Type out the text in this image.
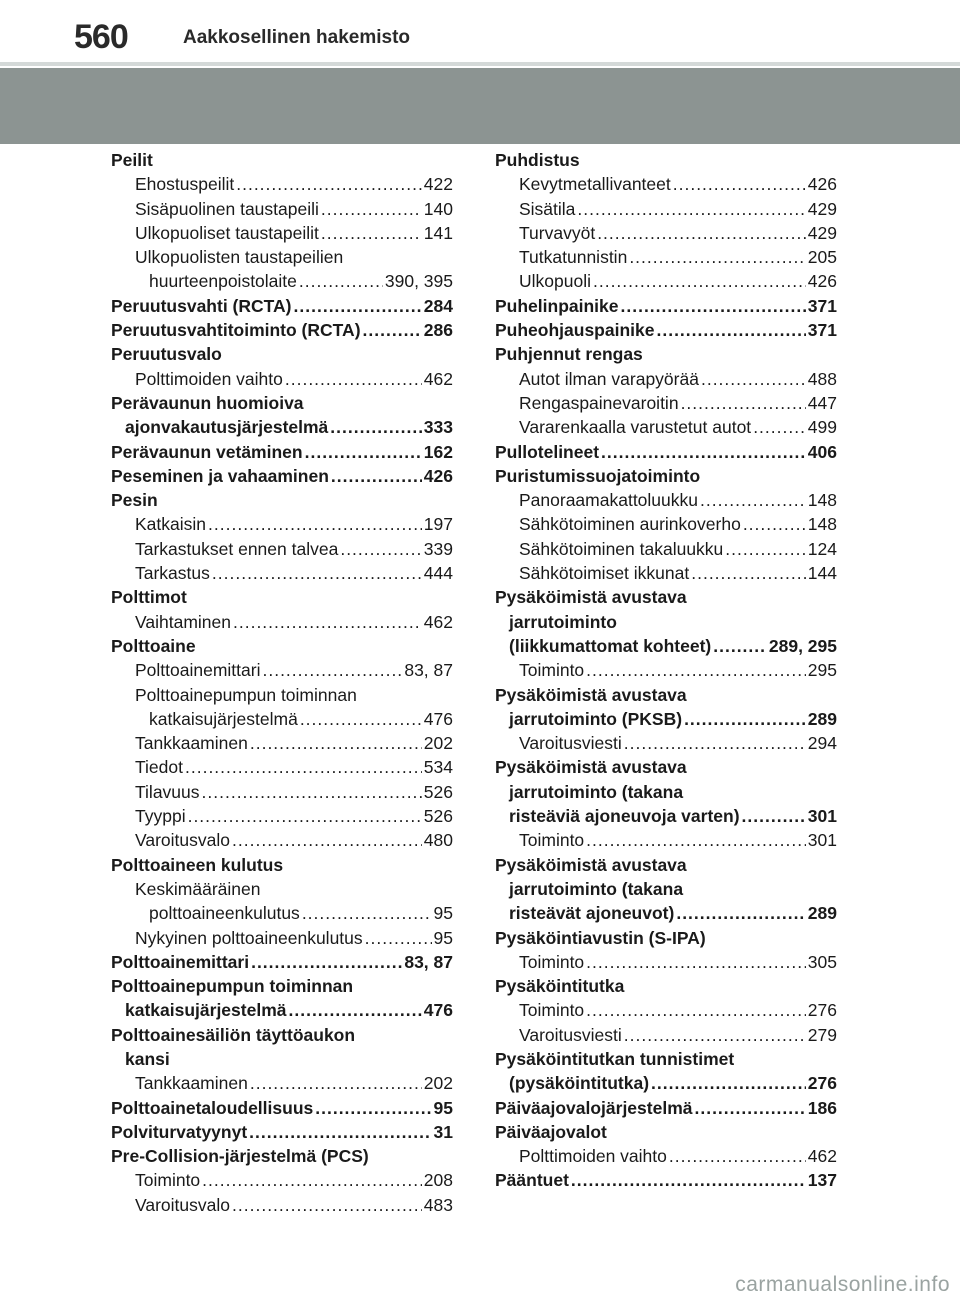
560	Aakkosellinen hakemisto
Peilit
Ehostuspeilit .....	422
Sisäpuolinen taustapeili .....	140
Ulkopuoliset taustapeilit .....	141
Ulkopuolisten taustapeilien
huurteenpoistolaite .....	390, 395
Peruutusvahti (RCTA) .....	284
Peruutusvahtitoiminto (RCTA) .....	286
Peruutusvalo
Polttimoiden vaihto .....	462
Perävaunun huomioiva
ajonvakautusjärjestelmä .....	333
Perävaunun vetäminen .....	162
Peseminen ja vahaaminen .....	426
Pesin
Katkaisin .....	197
Tarkastukset ennen talvea .....	339
Tarkastus .....	444
Polttimot
Vaihtaminen .....	462
Polttoaine
Polttoainemittari .....	83, 87
Polttoainepumpun toiminnan
katkaisujärjestelmä .....	476
Tankkaaminen .....	202
Tiedot .....	534
Tilavuus .....	526
Tyyppi .....	526
Varoitusvalo .....	480
Polttoaineen kulutus
Keskimääräinen
polttoaineenkulutus .....	95
Nykyinen polttoaineenkulutus .....	95
Polttoainemittari .....	83, 87
Polttoainepumpun toiminnan
katkaisujärjestelmä .....	476
Polttoainesäiliön täyttöaukon
kansi
Tankkaaminen .....	202
Polttoainetaloudellisuus .....	95
Polviturvatyynyt .....	31
Pre-Collision-järjestelmä (PCS)
Toiminto .....	208
Varoitusvalo .....	483
Puhdistus
Kevytmetallivanteet .....	426
Sisätila .....	429
Turvavyöt .....	429
Tutkatunnistin .....	205
Ulkopuoli .....	426
Puhelinpainike .....	371
Puheohjauspainike .....	371
Puhjennut rengas
Autot ilman varapyörää .....	488
Rengaspainevaroitin .....	447
Vararenkaalla varustetut autot .....	499
Pullotelineet .....	406
Puristumissuojatoiminto
Panoraamakattoluukku .....	148
Sähkötoiminen aurinkoverho .....	148
Sähkötoiminen takaluukku .....	124
Sähkötoimiset ikkunat .....	144
Pysäköimistä avustava
jarrutoiminto
(liikkumattomat kohteet) .....	289, 295
Toiminto .....	295
Pysäköimistä avustava
jarrutoiminto (PKSB) .....	289
Varoitusviesti .....	294
Pysäköimistä avustava
jarrutoiminto (takana
risteäviä ajoneuvoja varten) .....	301
Toiminto .....	301
Pysäköimistä avustava
jarrutoiminto (takana
risteävät ajoneuvot) .....	289
Pysäköintiavustin (S-IPA)
Toiminto .....	305
Pysäköintitutka
Toiminto .....	276
Varoitusviesti .....	279
Pysäköintitutkan tunnistimet
(pysäköintitutka) .....	276
Päiväajovalojärjestelmä .....	186
Päiväajovalot
Polttimoiden vaihto .....	462
Pääntuet .....	137
carmanualsonline.info
